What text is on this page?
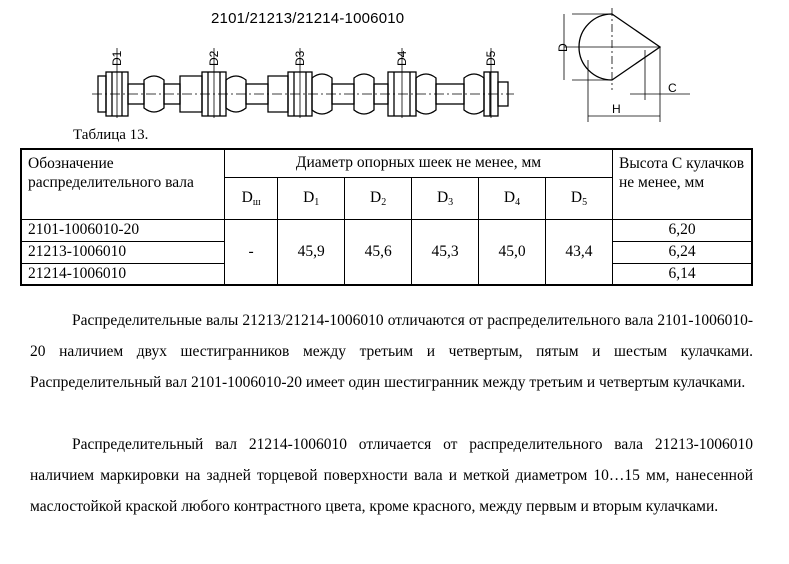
2101/21213/21214-1006010
D1	D2	D3	D4	D5
D
H
C
Таблица 13.
Обозначение распределительного вала	Диаметр опорных шеек не менее, мм						Высота С кулачков не менее, мм
	$D_ш$	$D_1$	$D_2$	$D_3$	$D_4$	$D_5$
2101-1006010-20	-	45,9	45,6	45,3	45,0	43,4	6,20
21213-1006010							6,24
21214-1006010							6,14
Распределительные валы 21213/21214-1006010 отличаются от распределительного вала 2101-1006010-20 наличием двух шестигранников между третьим и четвертым, пятым и шестым кулачками. Распределительный вал 2101-1006010-20 имеет один шестигранник между третьим и четвертым кулачками.
Распределительный вал 21214-1006010 отличается от распределительного вала 21213-1006010 наличием маркировки на задней торцевой поверхности вала и меткой диаметром 10…15 мм, нанесенной маслостойкой краской любого контрастного цвета, кроме красного, между первым и вторым кулачками.
